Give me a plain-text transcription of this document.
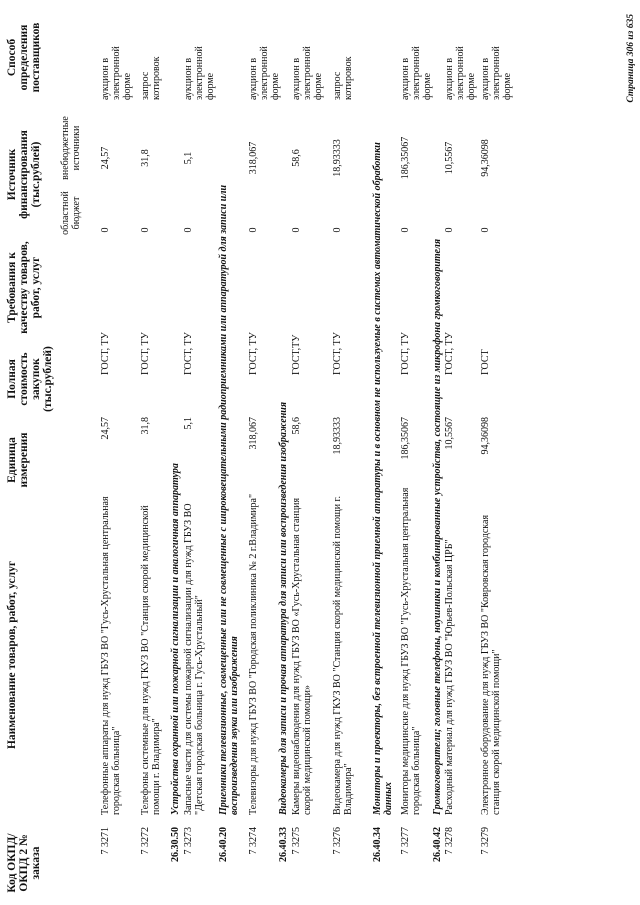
Код ОКПД/ ОКПД 2 № заказа
Наименование товаров, работ, услуг
Единица измерения
Полная стоимость закупок (тыс.рублей)
Требования к качеству товаров, работ, услуг
Источник финансирования (тыс.рублей)
областной бюджет
внебюджетные источники
Способ определения поставщиков
7 3271
Телефонные аппараты для нужд ГБУЗ ВО "Гусь-Хрустальная центральная городская больница"
24,57
ГОСТ, ТУ
0
24,57
аукцион в электронной форме
7 3272
Телефоны системные для нужд ГКУЗ ВО "Станция скорой медицинской помощи г. Владимира"
31,8
ГОСТ, ТУ
0
31,8
запрос котировок
26.30.50
Устройства охранной или пожарной сигнализации и аналогичная аппаратура
7 3273
Запасные части для системы пожарной сигнализации для нужд ГБУЗ ВО "Детская городская больница г. Гусь-Хрустальный"
5,1
ГОСТ, ТУ
0
5,1
аукцион в электронной форме
26.40.20
Приемники телевизионные, совмещенные или не совмещенные с широковещательными радиоприемниками или аппаратурой для записи или воспроизведения звука или изображения
7 3274
Телевизоры для нужд ГБУЗ ВО "Городская поликлиника № 2 г.Владимира"
318,067
ГОСТ, ТУ
0
318,067
аукцион в электронной форме
26.40.33
Видеокамеры для записи и прочая аппаратура для записи или воспроизведения изображения
7 3275
Камеры видеонаблюдения для нужд ГБУЗ ВО «Гусь-Хрустальная станция скорой медицинской помощи»
58,6
ГОСТ,ТУ
0
58,6
аукцион в электронной форме
7 3276
Видеокамера для нужд ГКУЗ ВО "Станция скорой медицинской помощи г. Владимира"
18,93333
ГОСТ, ТУ
0
18,93333
запрос котировок
26.40.34
Мониторы и проекторы, без встроенной телевизионной приемной аппаратуры и в основном не используемые в системах автоматической обработки данных
7 3277
Мониторы медицинские для нужд ГБУЗ ВО "Гусь-Хрустальная центральная городская больница"
186,35067
ГОСТ, ТУ
0
186,35067
аукцион в электронной форме
26.40.42
Громкоговорители; головные телефоны, наушники и комбинированные устройства, состоящие из микрофона громкоговорителя
7 3278
Расходный материал для нужд ГБУЗ ВО "Юрьев-Польская ЦРБ"
10,5567
ГОСТ, ТУ
0
10,5567
аукцион в электронной форме
7 3279
Электронное оборудование для нужд ГБУЗ ВО "Ковровская городская станция скорой медицинской помощи"
94,36098
ГОСТ
0
94,36098
аукцион в электронной форме	Страница 306 из 635
